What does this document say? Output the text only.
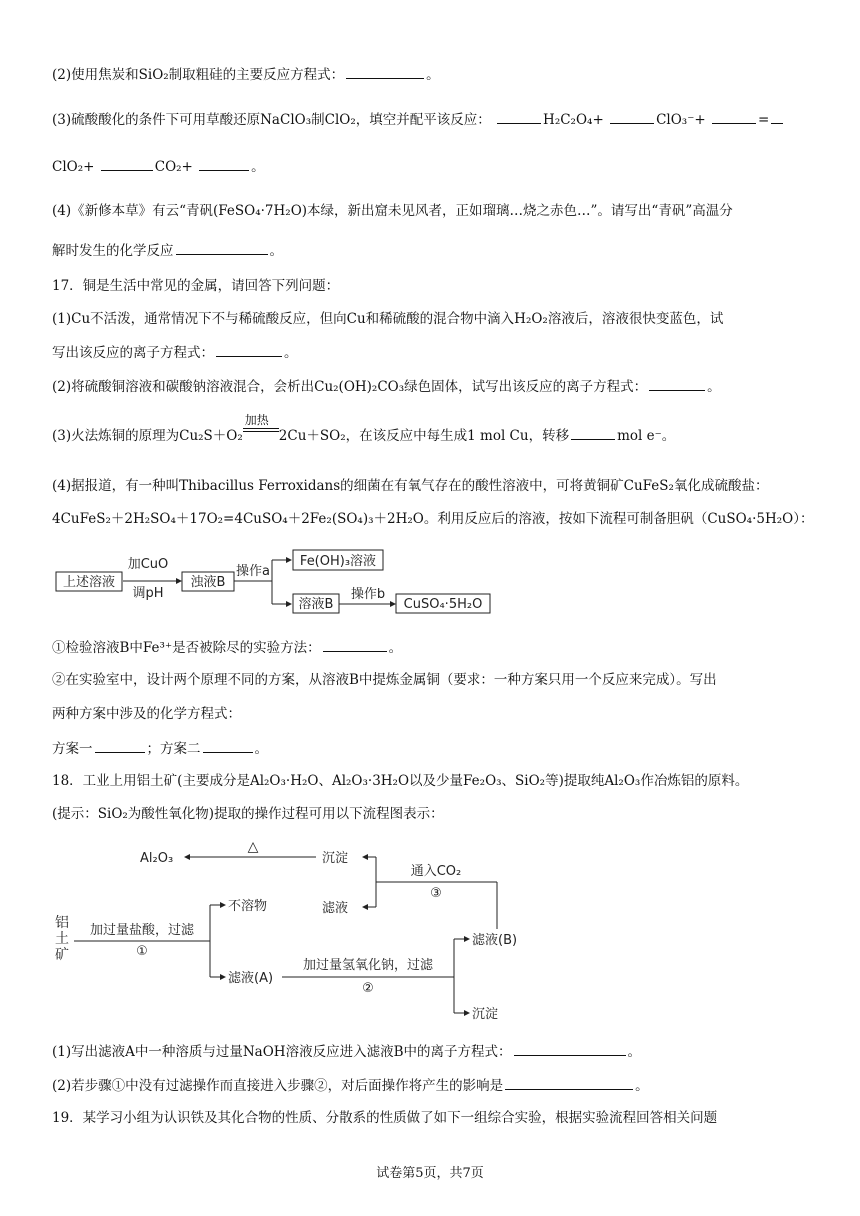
(2)使用焦炭和SiO₂制取粗硅的主要反应方程式：	。
(3)硫酸酸化的条件下可用草酸还原NaClO₃制ClO₂，填空并配平该反应：	H₂C₂O₄+	ClO₃⁻+	=
ClO₂+	CO₂+	。
(4)《新修本草》有云“青矾(FeSO₄·7H₂O)本绿，新出窟未见风者，正如瑠璃…烧之赤色…”。请写出“青矾”高温分
解时发生的化学反应	。
17．铜是生活中常见的金属，请回答下列问题：
(1)Cu不活泼，通常情况下不与稀硫酸反应，但向Cu和稀硫酸的混合物中滴入H₂O₂溶液后，溶液很快变蓝色，试
写出该反应的离子方程式：	。
(2)将硫酸铜溶液和碳酸钠溶液混合，会析出Cu₂(OH)₂CO₃绿色固体，试写出该反应的离子方程式：	。
(3)火法炼铜的原理为Cu₂S＋O₂
加热
2Cu＋SO₂，在该反应中每生成1 mol Cu，转移	mol e⁻。
(4)据报道，有一种叫Thibacillus Ferroxidans的细菌在有氧气存在的酸性溶液中，可将黄铜矿CuFeS₂氧化成硫酸盐：
4CuFeS₂＋2H₂SO₄＋17O₂=4CuSO₄＋2Fe₂(SO₄)₃＋2H₂O。利用反应后的溶液，按如下流程可制备胆矾（CuSO₄·5H₂O）：
上述溶液
加CuO
调pH
浊液B
操作a
Fe(OH)₃溶液
溶液B
操作b
CuSO₄·5H₂O
①检验溶液B中Fe³⁺是否被除尽的实验方法：	。
②在实验室中，设计两个原理不同的方案，从溶液B中提炼金属铜（要求：一种方案只用一个反应来完成）。写出
两种方案中涉及的化学方程式：
方案一	；方案二	。
18．工业上用铝土矿(主要成分是Al₂O₃·H₂O、Al₂O₃·3H₂O以及少量Fe₂O₃、SiO₂等)提取纯Al₂O₃作冶炼铝的原料。
(提示：SiO₂为酸性氧化物)提取的操作过程可用以下流程图表示：
铝
土
矿
加过量盐酸，过滤
①
不溶物
滤液(A)
加过量氢氧化钠，过滤
②
滤液(B)
沉淀
通入CO₂
③
沉淀
滤液
△
Al₂O₃
(1)写出滤液A中一种溶质与过量NaOH溶液反应进入滤液B中的离子方程式：	。
(2)若步骤①中没有过滤操作而直接进入步骤②，对后面操作将产生的影响是	。
19．某学习小组为认识铁及其化合物的性质、分散系的性质做了如下一组综合实验，根据实验流程回答相关问题
试卷第5页，共7页
